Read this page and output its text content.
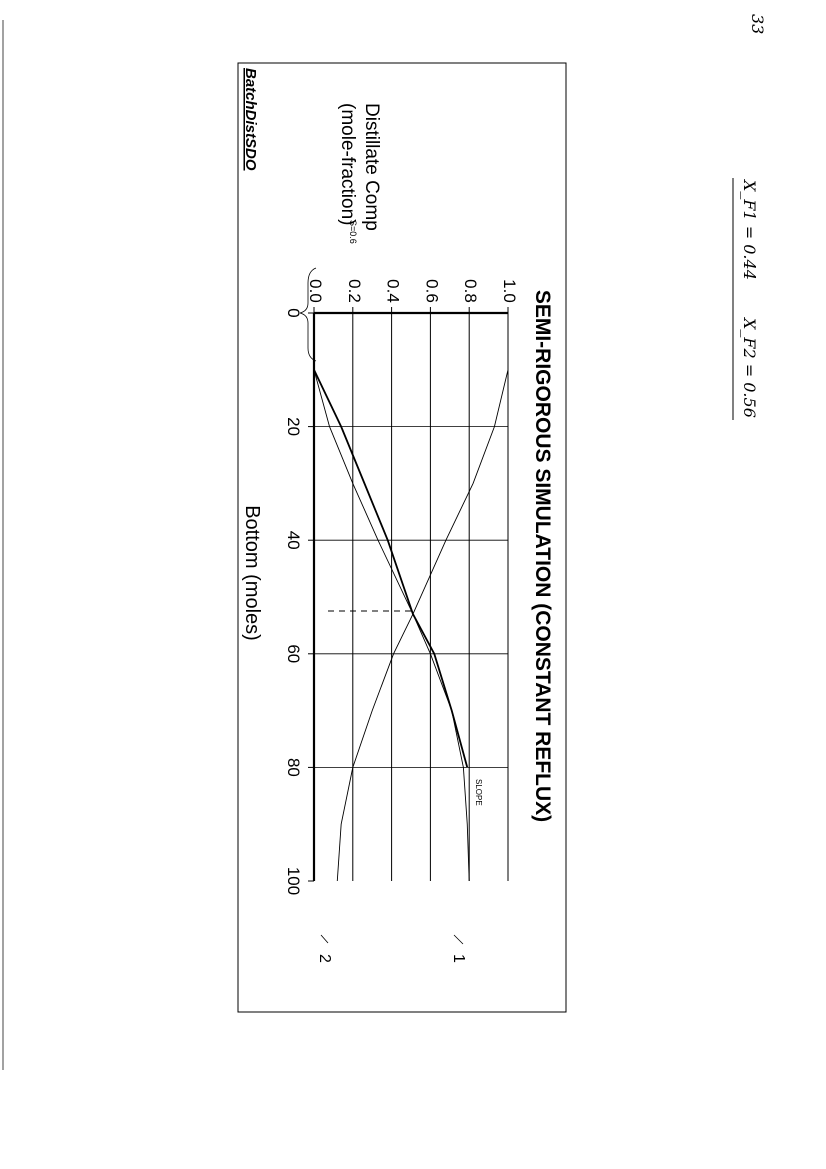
33
X_F1 = 0.44
X_F2 = 0.56
0.0 0.2 0.4 0.6 0.8 1.0
0
20
40
60
80
100
SEMI-RIGOROUS SIMULATION (CONSTANT REFLUX)
Bottom (moles)
BatchDistSDO	Distillate Comp
(mole-fraction)
S=0.6
SLOPE
1
2
